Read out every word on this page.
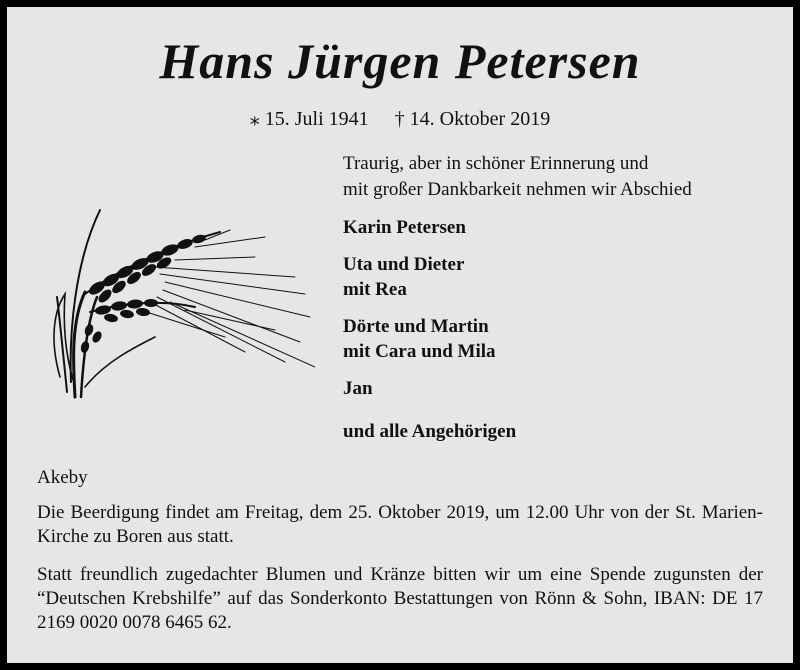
Hans Jürgen Petersen
⁎ 15. Juli 1941 † 14. Oktober 2019
Traurig, aber in schöner Erinnerung und
mit großer Dankbarkeit nehmen wir Abschied
Karin Petersen
Uta und Dieter
mit Rea
Dörte und Martin
mit Cara und Mila
Jan
und alle Angehörigen
Akeby

Die Beerdigung findet am Freitag, dem 25. Oktober 2019, um 12.00 Uhr von der St. Marien-Kirche zu Boren aus statt.

Statt freundlich zugedachter Blumen und Kränze bitten wir um eine Spende zugunsten der “Deutschen Krebshilfe” auf das Sonderkonto Bestattungen von Rönn & Sohn, IBAN: DE 17 2169 0020 0078 6465 62.
